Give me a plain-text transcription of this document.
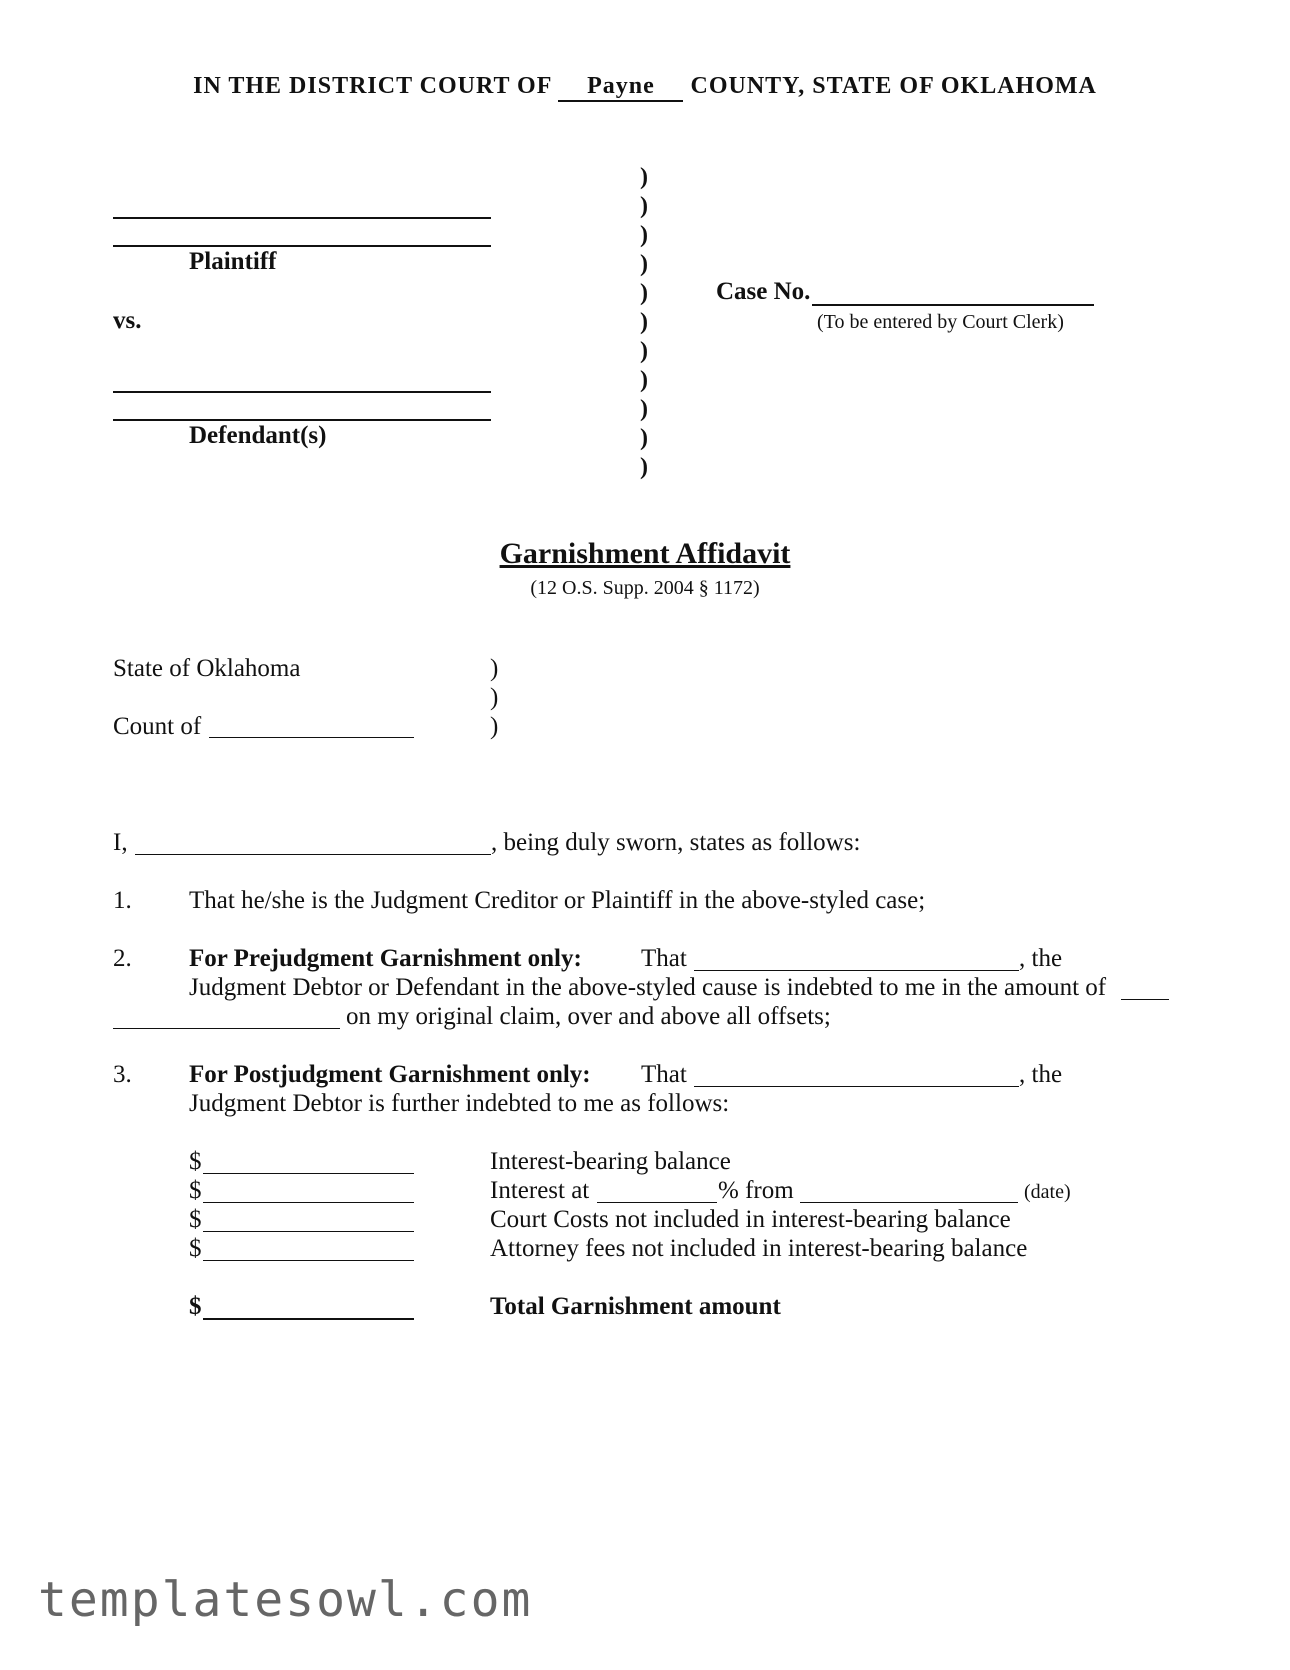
IN THE DISTRICT COURT OF Payne COUNTY, STATE OF OKLAHOMA
Plaintiff
vs.
Defendant(s)
)
)
)
)
)
)
)
)
)
)
)
Case No.
(To be entered by Court Clerk)
Garnishment Affidavit
(12 O.S. Supp. 2004 § 1172)
State of Oklahoma	)
)
Count of	)
I,	, being duly sworn, states as follows:
1. That he/she is the Judgment Creditor or Plaintiff in the above-styled case;
2. For Prejudgment Garnishment only: That	, the
Judgment Debtor or Defendant in the above-styled cause is indebted to me in the amount of
on my original claim, over and above all offsets;
3. For Postjudgment Garnishment only: That	, the
Judgment Debtor is further indebted to me as follows:
$	Interest-bearing balance
$	Interest at	% from	(date)
$	Court Costs not included in interest-bearing balance
$	Attorney fees not included in interest-bearing balance
$	Total Garnishment amount
templatesowl.com
